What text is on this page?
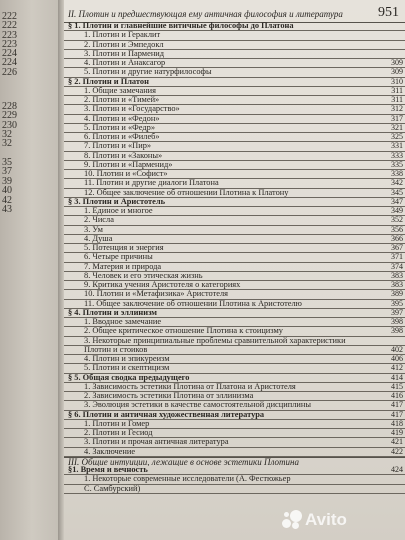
222
222
223
223
224
224
226
228
229
230
32
32
35
37
39
40
42
43
II. Плотин и предшествующая ему античная философия и литература	951
§ 1. Плотин и главнейшие витичные философы до Платона
1. Плотин и Гераклит
2. Плотин и Эмпедокл
3. Плотин и Парменид
4. Плотин и Анаксагор	309
5. Плотин и другие натурфилософы	309
§ 2. Плотин и Платон	310
1. Общие замечания	311
2. Плотин и «Тимей»	311
3. Плотин и «Государство»	312
4. Плотин и «Федон»	317
5. Плотин и «Федр»	321
6. Плотин и «Филеб»	325
7. Плотин и «Пир»	331
8. Плотин и «Законы»	333
9. Плотин и «Парменид»	335
10. Плотин и «Софист»	338
11. Плотин и другие диалоги Платона	342
12. Общее заключение об отношении Плотина к Платону	345
§ 3. Плотин и Аристотель	347
1. Единое и многое	349
2. Числа	352
3. Ум	356
4. Душа	366
5. Потенция и энергия	367
6. Четыре причины	371
7. Материя и природа	374
8. Человек и его этическая жизнь	383
9. Критика учения Аристотеля о категориях	383
10. Плотин и «Метафизика» Аристотеля	389
11. Общее заключение об отношении Плотина к Аристотелю	395
§ 4. Плотин и эллинизм	397
1. Вводное замечание	398
2. Общее критическое отношение Плотина к стоицизму	398
3. Некоторые принципиальные проблемы сравнительной характеристики
Плотин и стоиков	402
4. Плотин и эпикуреизм	406
5. Плотин и скептицизм	412
§ 5. Общая сводка предыдущего	414
1. Зависимость эстетики Плотина от Платона и Аристотеля	415
2. Зависимость эстетики Плотина от эллинизма	416
3. Эволюция эстетики в качестве самостоятельной дисциплины	417
§ 6. Плотин и античная художественная литература	417
1. Плотин и Гомер	418
2. Плотин и Гесиод	419
3. Плотин и прочая античная литература	421
4. Заключение	422
III. Общие интуиции, лежащие в основе эстетики Плотина
§1. Время и вечность	424
1. Некоторые современные исследователи (А. Фестюжьер
С. Самбурский)
Avito
